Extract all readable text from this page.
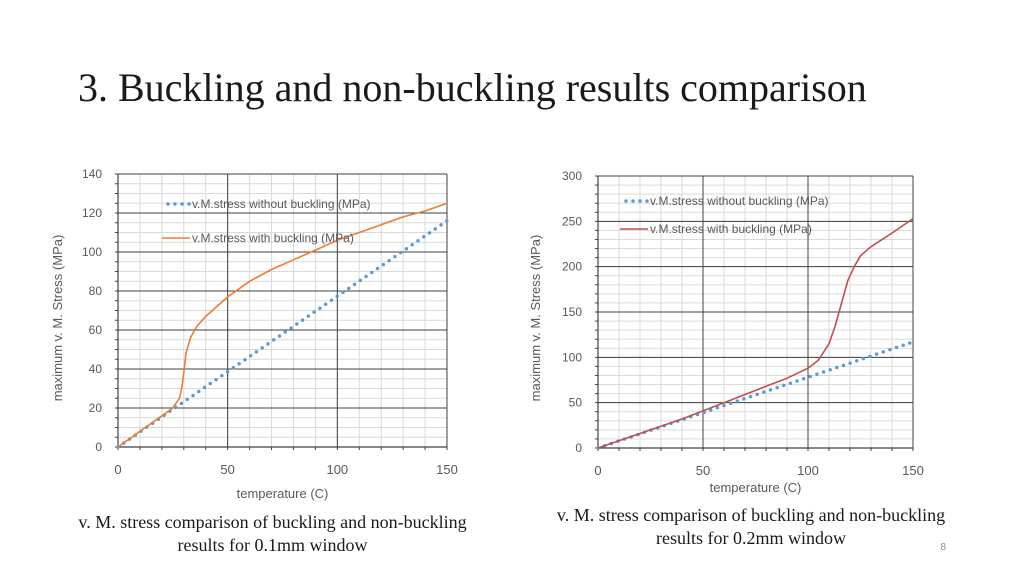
3. Buckling and non-buckling results comparison
0
20
40
60
80
100
120
140
0	50	100	150
temperature (C)
maximum v. M. Stress (MPa)
v.M.stress without buckling (MPa)
v.M.stress with buckling (MPa)
0
50
100
150
200
250
300
0	50	100	150
temperature (C)
maximum v. M. Stress (MPa)
v.M.stress without buckling (MPa)
v.M.stress with buckling (MPa)
v. M. stress comparison of buckling and non-buckling results for 0.1mm window
v. M. stress comparison of buckling and non-buckling results for 0.2mm window	8
